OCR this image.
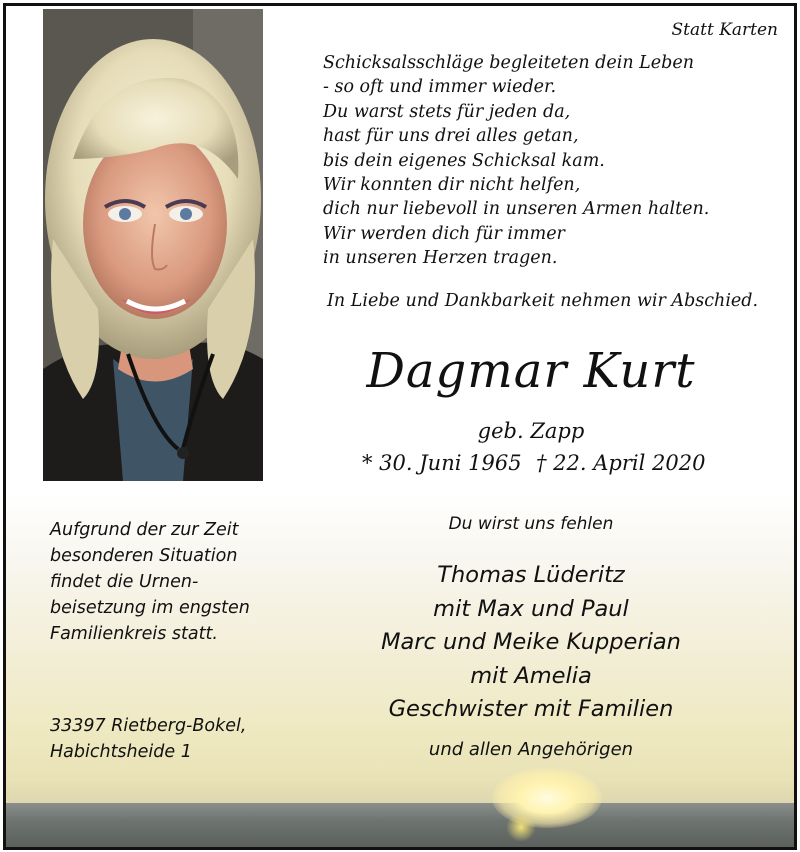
Statt Karten
Schicksalsschläge begleiteten dein Leben
- so oft und immer wieder.
Du warst stets für jeden da,
hast für uns drei alles getan,
bis dein eigenes Schicksal kam.
Wir konnten dir nicht helfen,
dich nur liebevoll in unseren Armen halten.
Wir werden dich für immer
in unseren Herzen tragen.
In Liebe und Dankbarkeit nehmen wir Abschied.
Dagmar Kurt
geb. Zapp
* 30. Juni 1965 † 22. April 2020
Aufgrund der zur Zeit
besonderen Situation
findet die Urnen-
beisetzung im engsten
Familienkreis statt.
33397 Rietberg-Bokel,
Habichtsheide 1
Du wirst uns fehlen
Thomas Lüderitz
mit Max und Paul
Marc und Meike Kupperian
mit Amelia
Geschwister mit Familien
und allen Angehörigen
